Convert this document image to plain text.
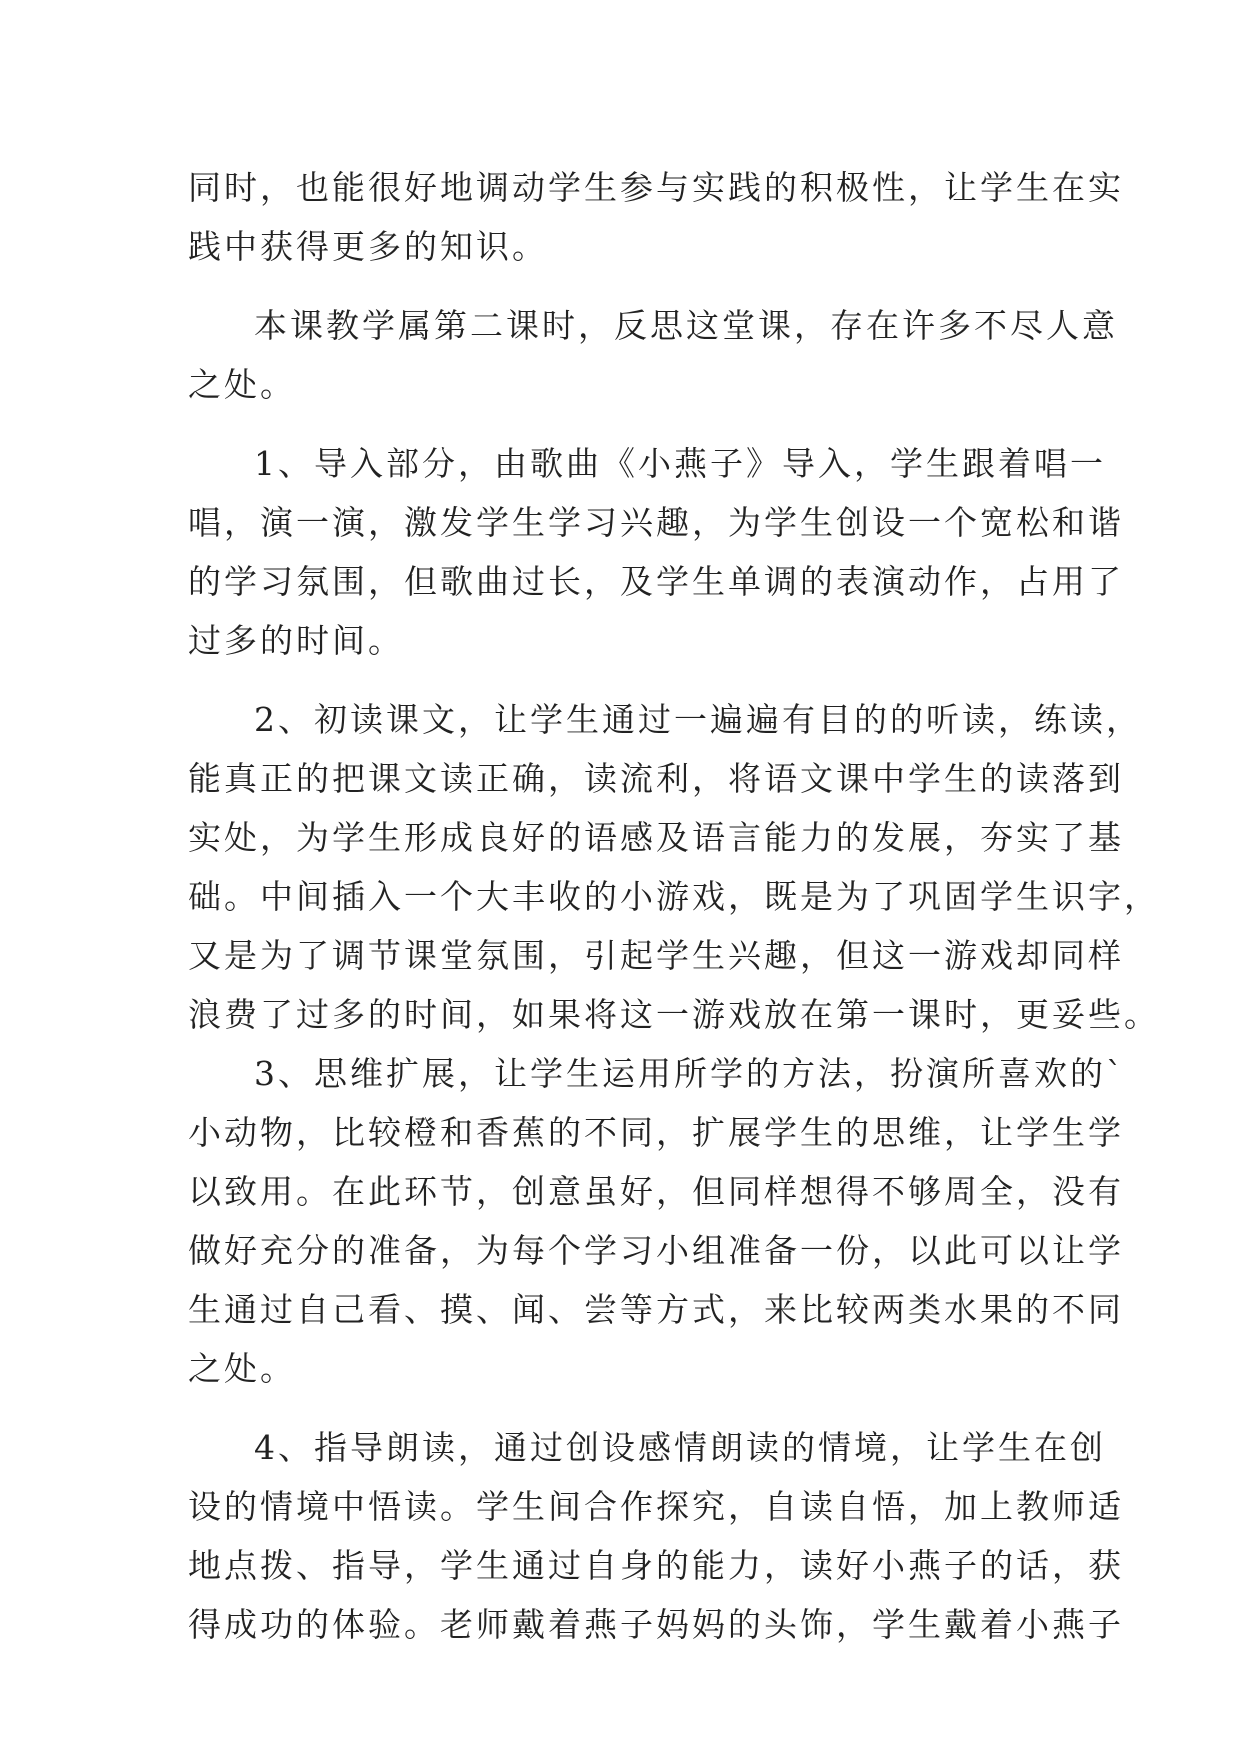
同时，也能很好地调动学生参与实践的积极性，让学生在实
践中获得更多的知识。
本课教学属第二课时，反思这堂课，存在许多不尽人意
之处。
1、导入部分，由歌曲《小燕子》导入，学生跟着唱一
唱，演一演，激发学生学习兴趣，为学生创设一个宽松和谐
的学习氛围，但歌曲过长，及学生单调的表演动作，占用了
过多的时间。
2、初读课文，让学生通过一遍遍有目的的听读，练读，
能真正的把课文读正确，读流利，将语文课中学生的读落到
实处，为学生形成良好的语感及语言能力的发展，夯实了基
础。中间插入一个大丰收的小游戏，既是为了巩固学生识字，
又是为了调节课堂氛围，引起学生兴趣，但这一游戏却同样
浪费了过多的时间，如果将这一游戏放在第一课时，更妥些。
3、思维扩展，让学生运用所学的方法，扮演所喜欢的`
小动物，比较橙和香蕉的不同，扩展学生的思维，让学生学
以致用。在此环节，创意虽好，但同样想得不够周全，没有
做好充分的准备，为每个学习小组准备一份，以此可以让学
生通过自己看、摸、闻、尝等方式，来比较两类水果的不同
之处。
4、指导朗读，通过创设感情朗读的情境，让学生在创
设的情境中悟读。学生间合作探究，自读自悟，加上教师适
地点拨、指导，学生通过自身的能力，读好小燕子的话，获
得成功的体验。老师戴着燕子妈妈的头饰，学生戴着小燕子
